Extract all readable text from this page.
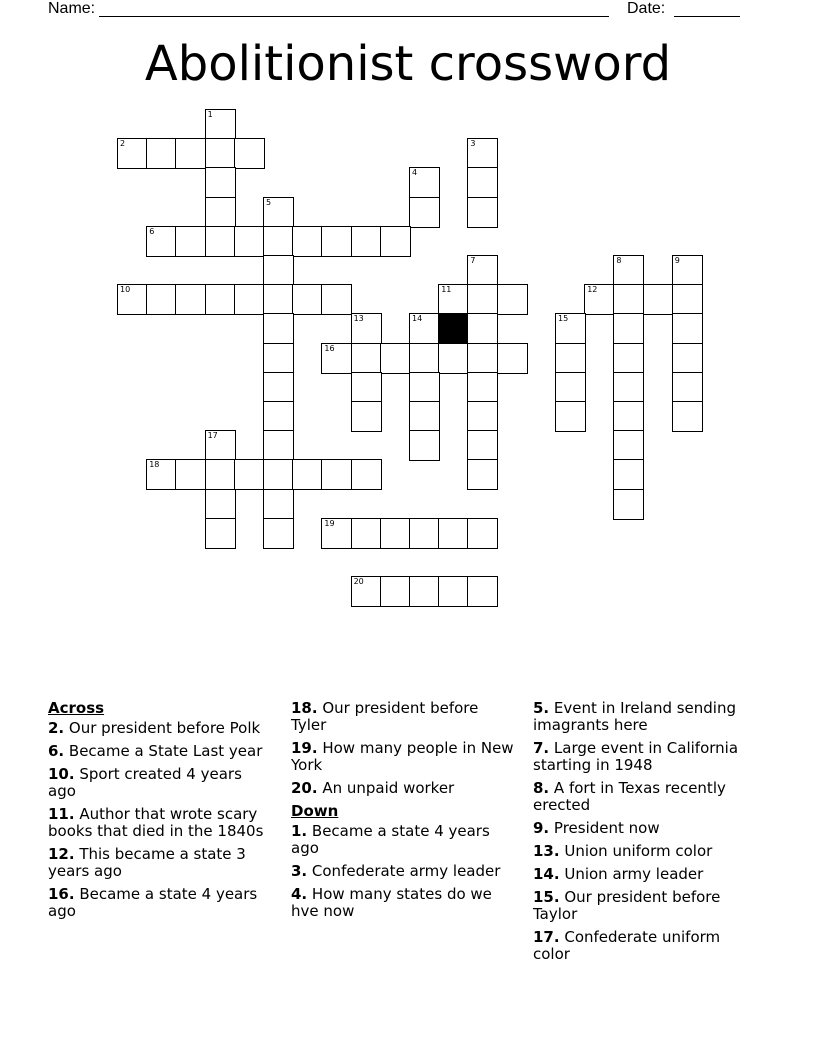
Name:	Date:
Abolitionist crossword
1
2	3
4
5
6
7	8	9
10	11	12
13	14	15
16
17
18
19
20
Across
2. Our president before Polk
6. Became a State Last year
10. Sport created 4 years ago
11. Author that wrote scary books that died in the 1840s
12. This became a state 3 years ago
16. Became a state 4 years ago
18. Our president before Tyler
19. How many people in New York
20. An unpaid worker
Down
1. Became a state 4 years ago
3. Confederate army leader
4. How many states do we hve now
5. Event in Ireland sending imagrants here
7. Large event in California starting in 1948
8. A fort in Texas recently erected
9. President now
13. Union uniform color
14. Union army leader
15. Our president before Taylor
17. Confederate uniform color
